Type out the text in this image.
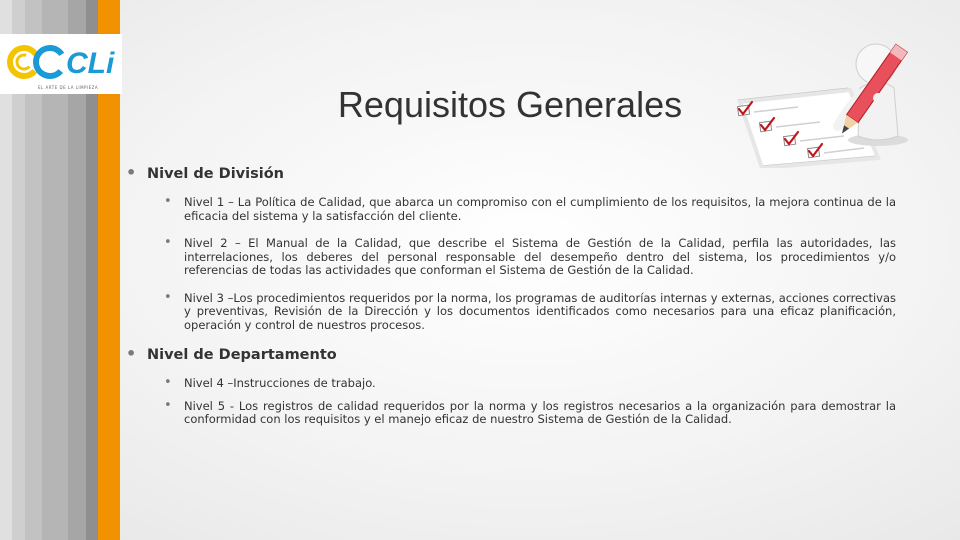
CLi
EL ARTE DE LA LIMPIEZA	Requisitos Generales
• Nivel de División
• Nivel 1 – La Política de Calidad, que abarca un compromiso con el cumplimiento de los requisitos, la mejora continua de la eficacia del sistema y la satisfacción del cliente.
• Nivel 2 – El Manual de la Calidad, que describe el Sistema de Gestión de la Calidad, perfila las autoridades, las interrelaciones, los deberes del personal responsable del desempeño dentro del sistema, los procedimientos y/o referencias de todas las actividades que conforman el Sistema de Gestión de la Calidad.
• Nivel 3 –Los procedimientos requeridos por la norma, los programas de auditorías internas y externas, acciones correctivas y preventivas, Revisión de la Dirección y los documentos identificados como necesarios para una eficaz planificación, operación y control de nuestros procesos.
• Nivel de Departamento
• Nivel 4 –Instrucciones de trabajo.
• Nivel 5 - Los registros de calidad requeridos por la norma y los registros necesarios a la organización para demostrar la conformidad con los requisitos y el manejo eficaz de nuestro Sistema de Gestión de la Calidad.
